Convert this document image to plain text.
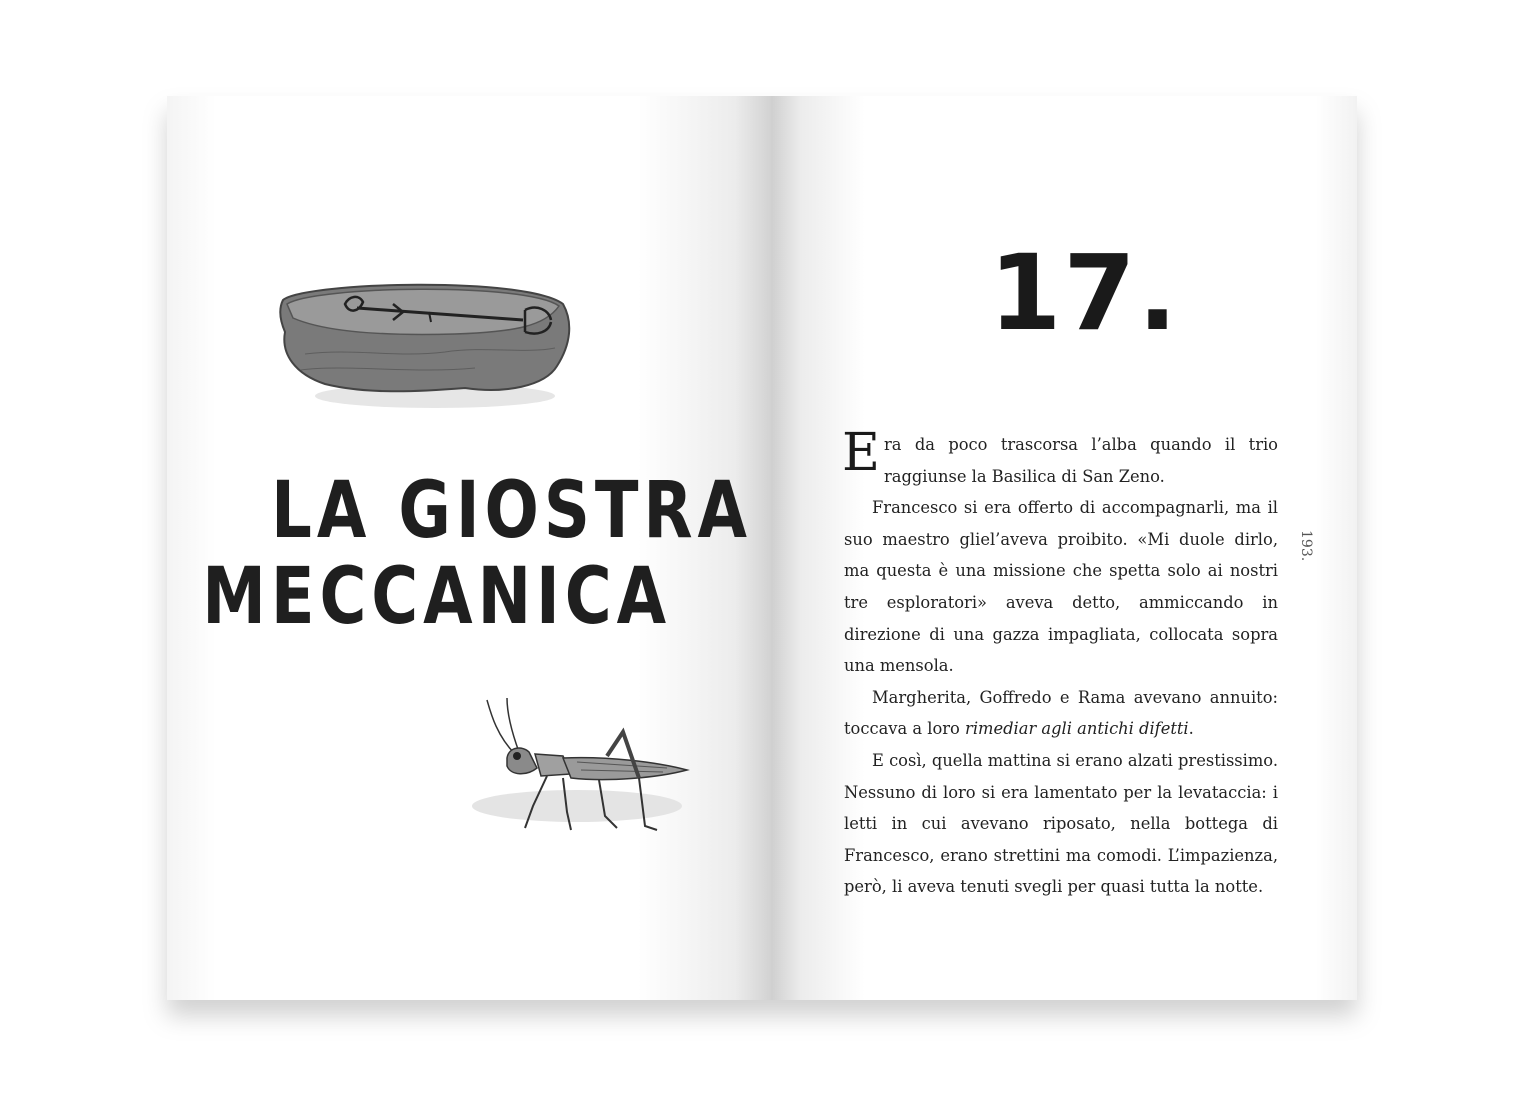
LA GIOSTRA
MECCANICA
17.
193.

Era da poco trascorsa l’alba quando il trio raggiunse la Basilica di San Zeno.

Francesco si era offerto di accompagnarli, ma il suo maestro gliel’aveva proibito. «Mi duole dirlo, ma questa è una missione che spetta solo ai nostri tre esploratori» aveva detto, ammiccando in direzione di una gazza impagliata, collocata sopra una mensola.

Margherita, Goffredo e Rama avevano annuito: toccava a loro rimediar agli antichi difetti.

E così, quella mattina si erano alzati prestissimo. Nessuno di loro si era lamentato per la levataccia: i letti in cui avevano riposato, nella bottega di Francesco, erano strettini ma comodi. L’impazienza, però, li aveva tenuti svegli per quasi tutta la notte.
